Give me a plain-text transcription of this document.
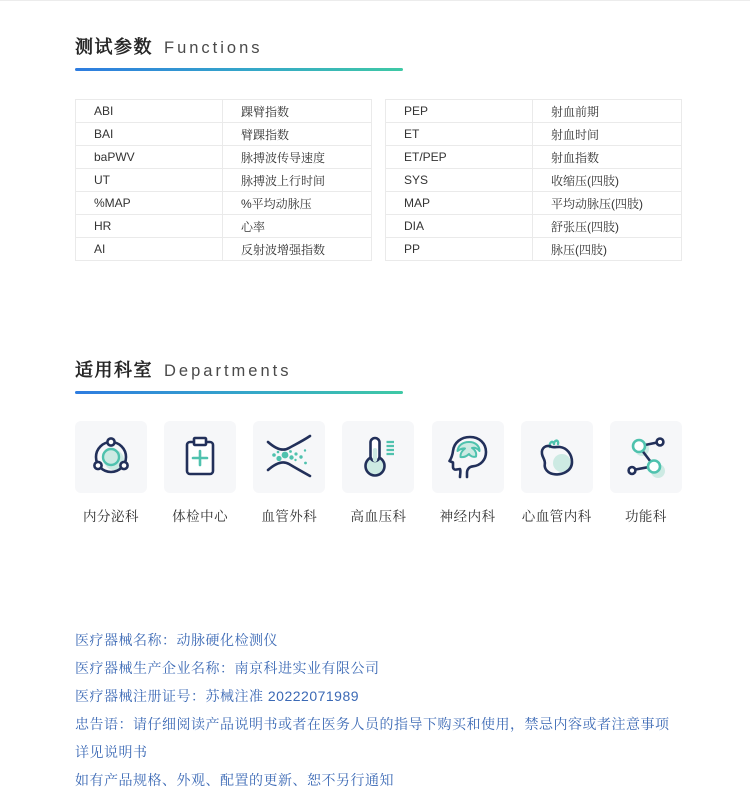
测试参数 Functions
ABI	踝臂指数
BAI	臂踝指数
baPWV	脉搏波传导速度
UT	脉搏波上行时间
%MAP	%平均动脉压
HR	心率
AI	反射波增强指数
PEP	射血前期
ET	射血时间
ET/PEP	射血指数
SYS	收缩压(四肢)
MAP	平均动脉压(四肢)
DIA	舒张压(四肢)
PP	脉压(四肢)
适用科室 Departments
内分泌科 体检中心 血管外科 高血压科 神经内科 心血管内科 功能科

医疗器械名称：动脉硬化检测仪

医疗器械生产企业名称：南京科进实业有限公司

医疗器械注册证号：苏械注准 20222071989

忠告语：请仔细阅读产品说明书或者在医务人员的指导下购买和使用，禁忌内容或者注意事项详见说明书

如有产品规格、外观、配置的更新、恕不另行通知
